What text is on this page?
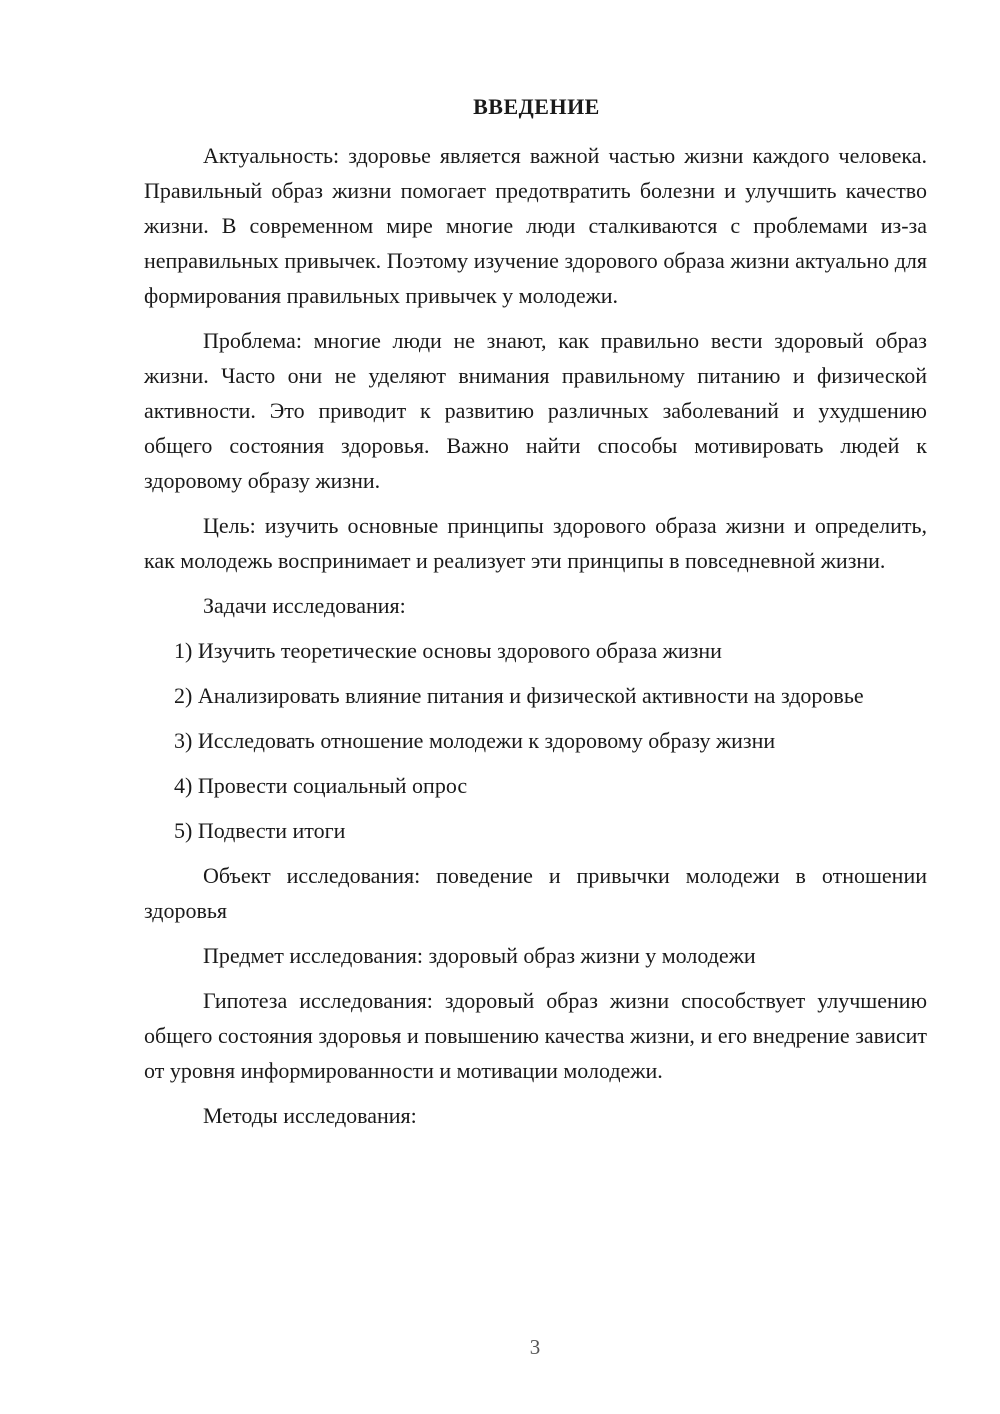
ВВЕДЕНИЕ

Актуальность: здоровье является важной частью жизни каждого человека. Правильный образ жизни помогает предотвратить болезни и улучшить качество жизни. В современном мире многие люди сталкиваются с проблемами из-за неправильных привычек. Поэтому изучение здорового образа жизни актуально для формирования правильных привычек у молодежи.

Проблема: многие люди не знают, как правильно вести здоровый образ жизни. Часто они не уделяют внимания правильному питанию и физической активности. Это приводит к развитию различных заболеваний и ухудшению общего состояния здоровья. Важно найти способы мотивировать людей к здоровому образу жизни.

Цель: изучить основные принципы здорового образа жизни и определить, как молодежь воспринимает и реализует эти принципы в повседневной жизни.

Задачи исследования:

1) Изучить теоретические основы здорового образа жизни

2) Анализировать влияние питания и физической активности на здоровье

3) Исследовать отношение молодежи к здоровому образу жизни

4) Провести социальный опрос

5) Подвести итоги

Объект исследования: поведение и привычки молодежи в отношении здоровья

Предмет исследования: здоровый образ жизни у молодежи

Гипотеза исследования: здоровый образ жизни способствует улучшению общего состояния здоровья и повышению качества жизни, и его внедрение зависит от уровня информированности и мотивации молодежи.

Методы исследования:

3
